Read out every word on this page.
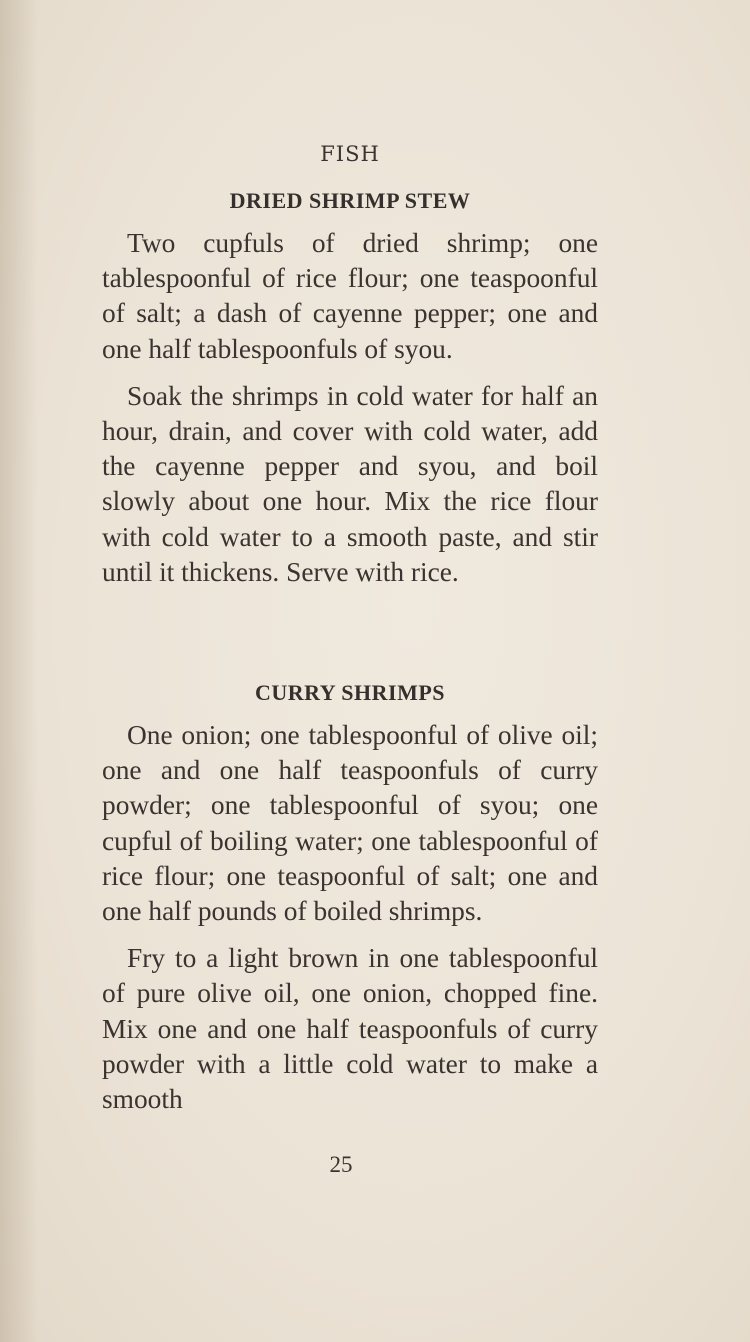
FISH
DRIED SHRIMP STEW

Two cupfuls of dried shrimp; one tablespoonful of rice flour; one teaspoonful of salt; a dash of cayenne pepper; one and one half tablespoonfuls of syou.

Soak the shrimps in cold water for half an hour, drain, and cover with cold water, add the cayenne pepper and syou, and boil slowly about one hour. Mix the rice flour with cold water to a smooth paste, and stir until it thickens. Serve with rice.

CURRY SHRIMPS

One onion; one tablespoonful of olive oil; one and one half teaspoonfuls of curry powder; one tablespoonful of syou; one cupful of boiling water; one tablespoonful of rice flour; one teaspoonful of salt; one and one half pounds of boiled shrimps.

Fry to a light brown in one tablespoonful of pure olive oil, one onion, chopped fine. Mix one and one half teaspoonfuls of curry powder with a little cold water to make a smooth

25
